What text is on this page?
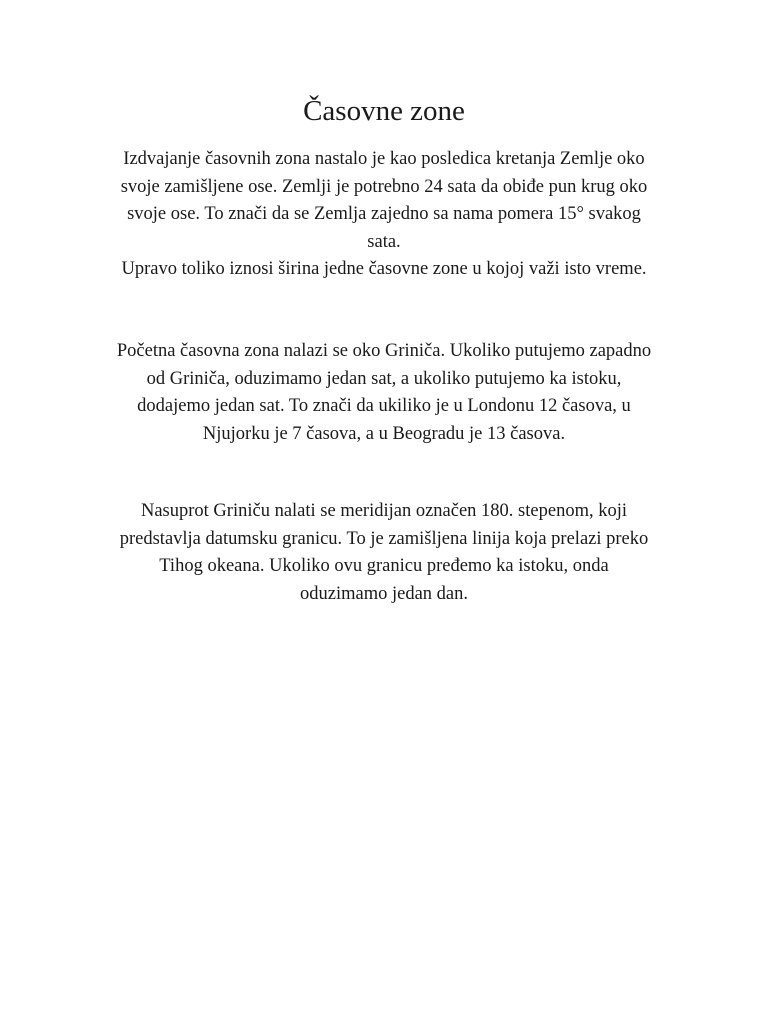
Časovne zone
Izdvajanje časovnih zona nastalo je kao posledica kretanja Zemlje oko
svoje zamišljene ose. Zemlji je potrebno 24 sata da obiđe pun krug oko
svoje ose. To znači da se Zemlja zajedno sa nama pomera 15° svakog
sata.
Upravo toliko iznosi širina jedne časovne zone u kojoj važi isto vreme.
Početna časovna zona nalazi se oko Griniča. Ukoliko putujemo zapadno
od Griniča, oduzimamo jedan sat, a ukoliko putujemo ka istoku,
dodajemo jedan sat. To znači da ukiliko je u Londonu 12 časova, u
Njujorku je 7 časova, a u Beogradu je 13 časova.
Nasuprot Griniču nalati se meridijan označen 180. stepenom, koji
predstavlja datumsku granicu. To je zamišljena linija koja prelazi preko
Tihog okeana. Ukoliko ovu granicu pređemo ka istoku, onda
oduzimamo jedan dan.
